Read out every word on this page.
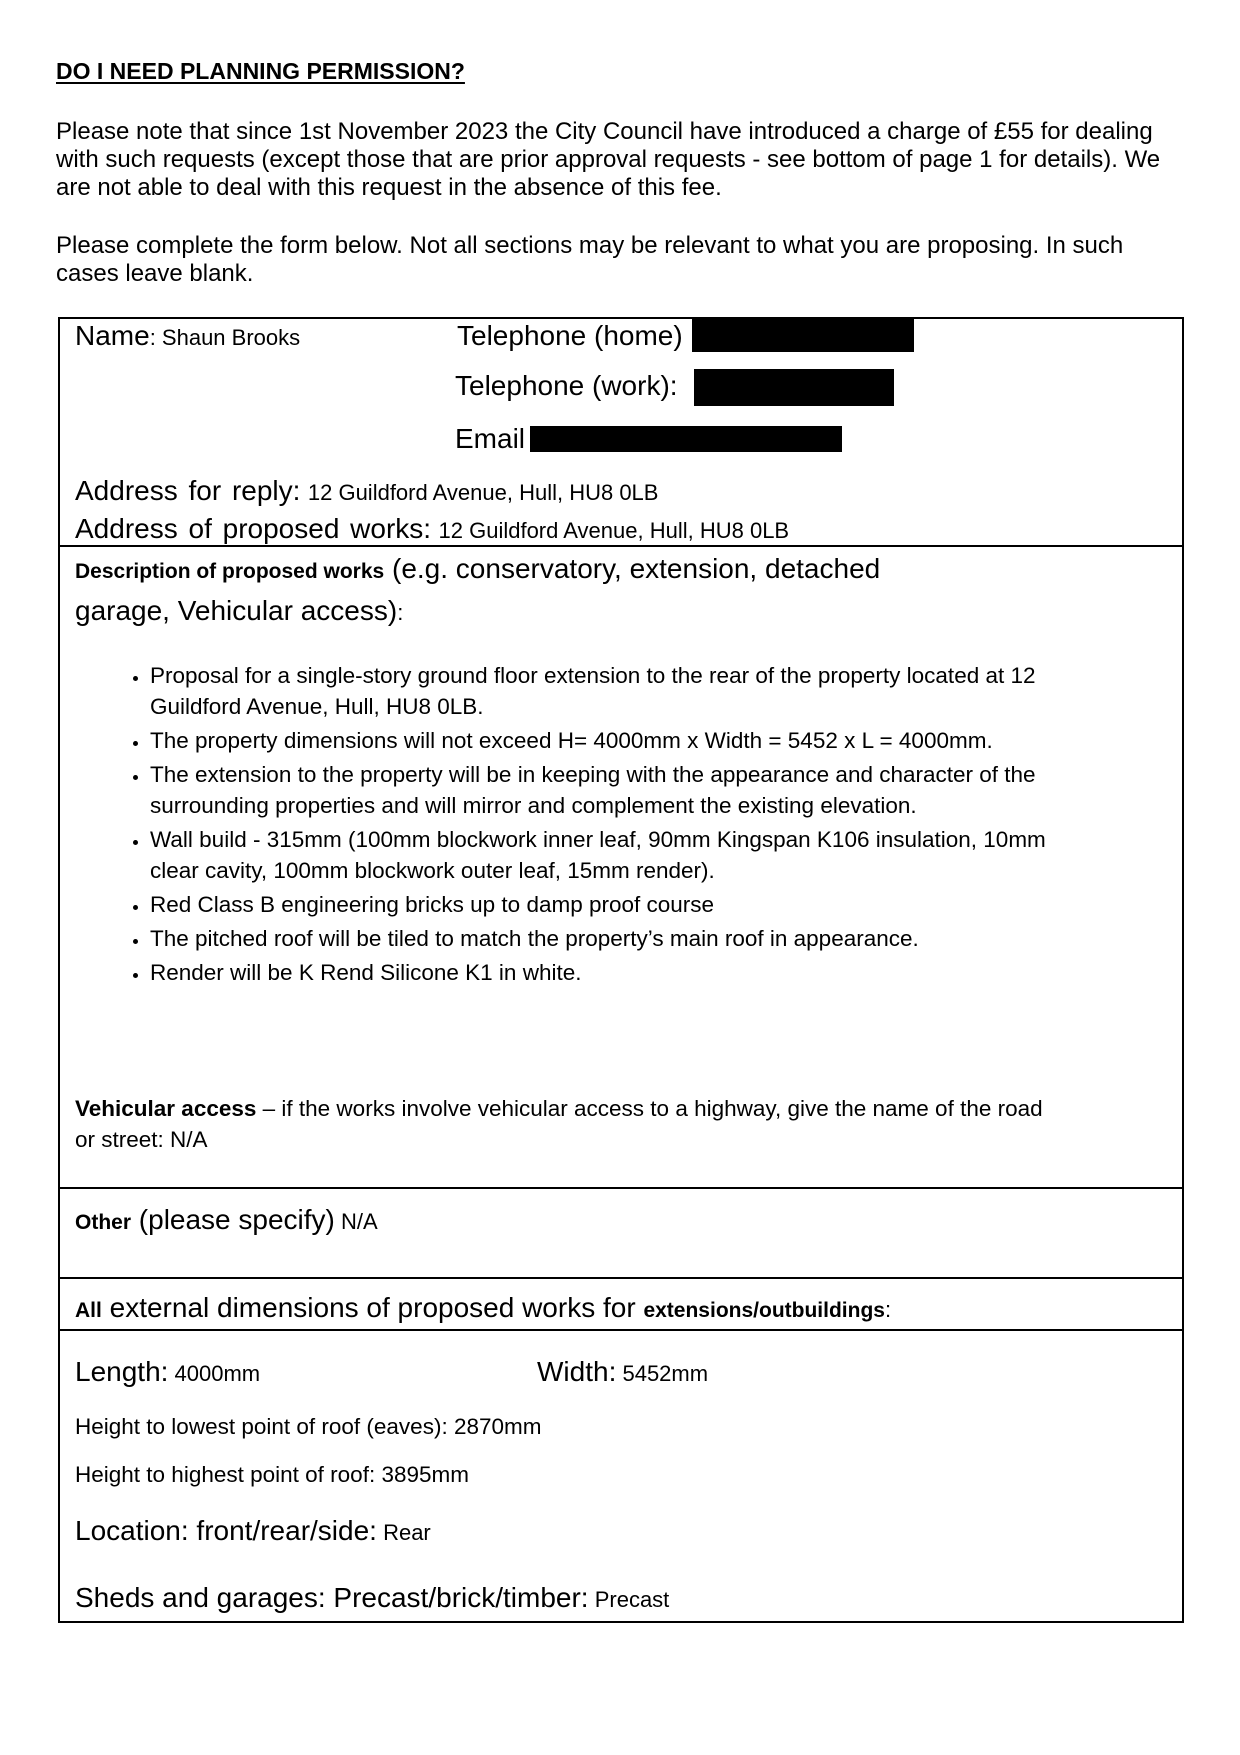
DO I NEED PLANNING PERMISSION?
Please note that since 1st November 2023 the City Council have introduced a charge of £55 for dealing with such requests (except those that are prior approval requests - see bottom of page 1 for details). We are not able to deal with this request in the absence of this fee.
Please complete the form below. Not all sections may be relevant to what you are proposing. In such cases leave blank.
Name: Shaun Brooks	Telephone (home)
Telephone (work):
Email
Address for reply: 12 Guildford Avenue, Hull, HU8 0LB
Address of proposed works: 12 Guildford Avenue, Hull, HU8 0LB
Description of proposed works (e.g. conservatory, extension, detached garage, Vehicular access):
• Proposal for a single-story ground floor extension to the rear of the property located at 12 Guildford Avenue, Hull, HU8 0LB.
• The property dimensions will not exceed H= 4000mm x Width = 5452 x L = 4000mm.
• The extension to the property will be in keeping with the appearance and character of the surrounding properties and will mirror and complement the existing elevation.
• Wall build - 315mm (100mm blockwork inner leaf, 90mm Kingspan K106 insulation, 10mm clear cavity, 100mm blockwork outer leaf, 15mm render).
• Red Class B engineering bricks up to damp proof course
• The pitched roof will be tiled to match the property’s main roof in appearance.
• Render will be K Rend Silicone K1 in white.
Vehicular access – if the works involve vehicular access to a highway, give the name of the road or street: N/A
Other (please specify) N/A
All external dimensions of proposed works for extensions/outbuildings:
Length: 4000mm	Width: 5452mm
Height to lowest point of roof (eaves): 2870mm
Height to highest point of roof: 3895mm
Location: front/rear/side: Rear
Sheds and garages: Precast/brick/timber: Precast
